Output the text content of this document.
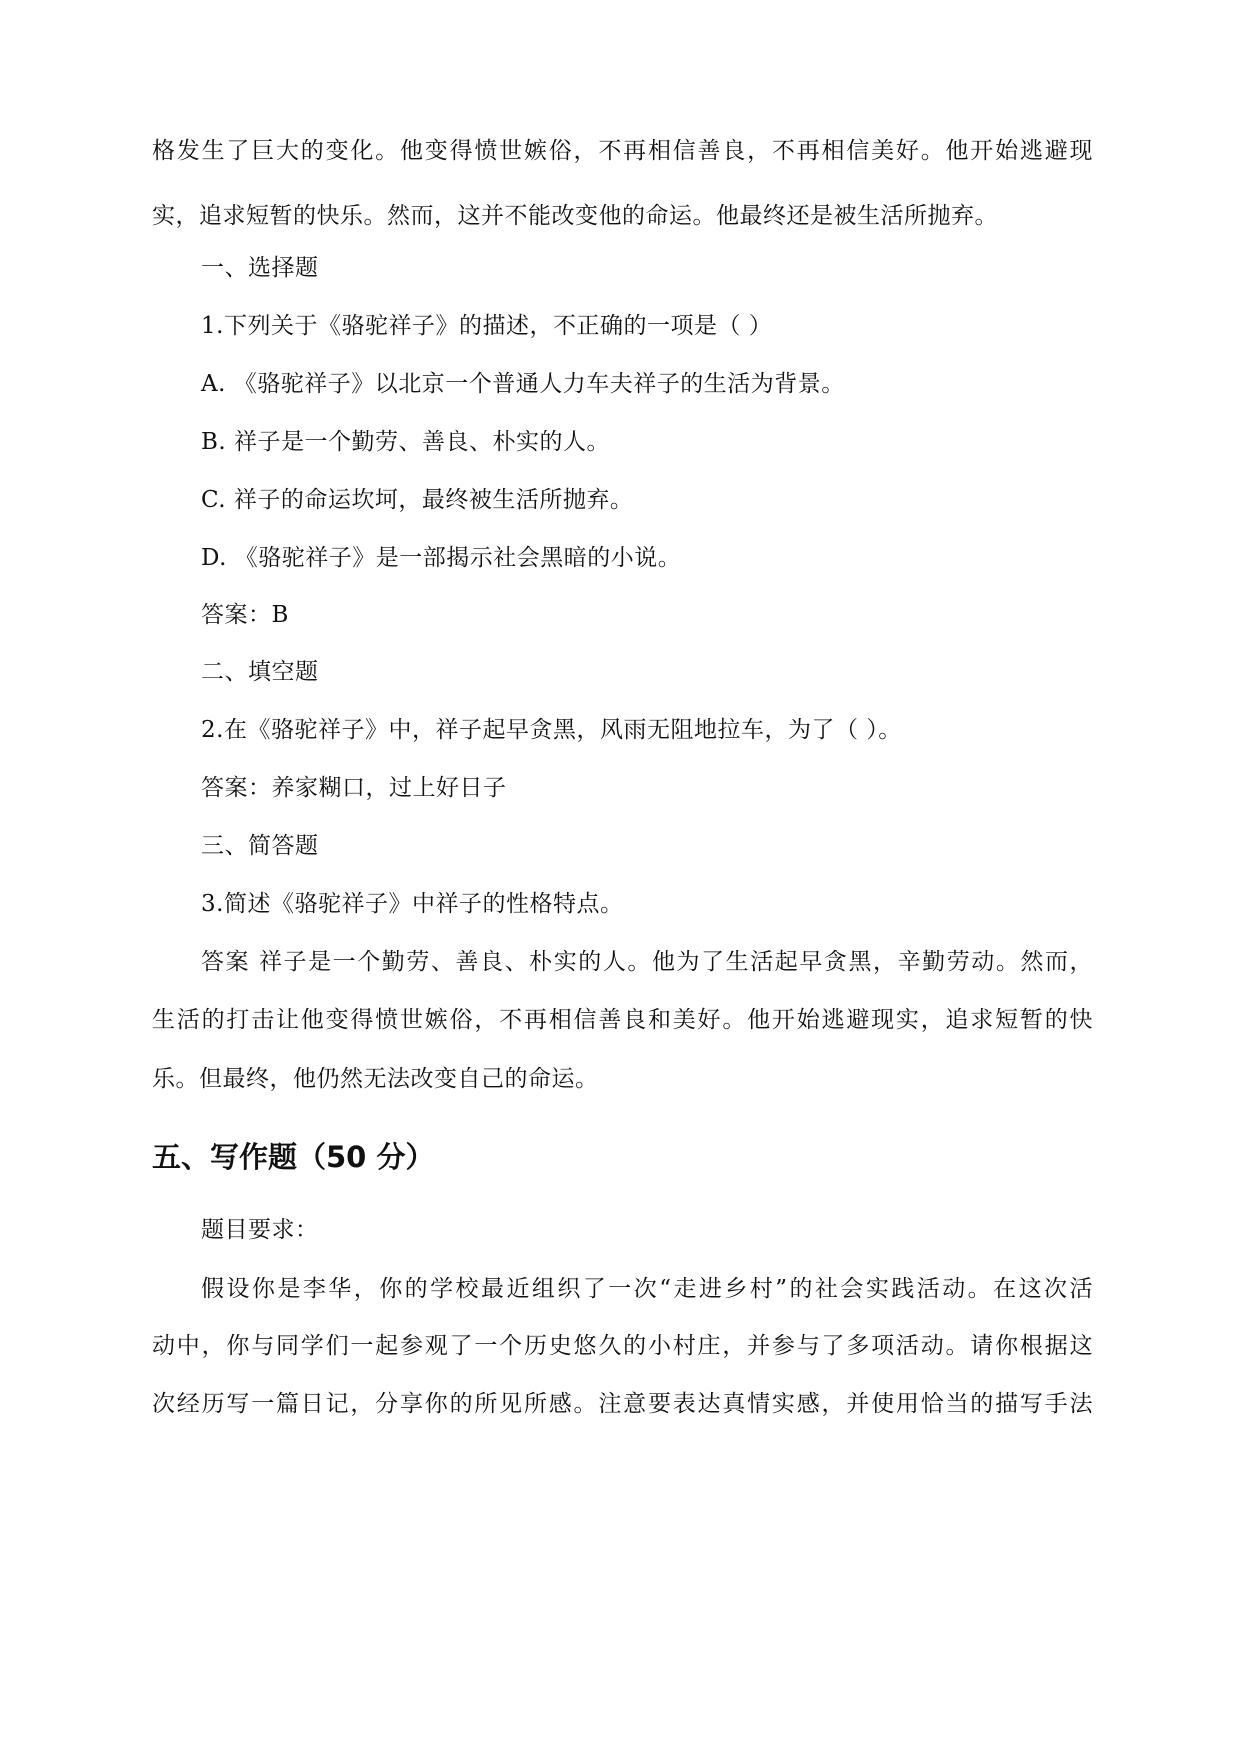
格发生了巨大的变化。他变得愤世嫉俗，不再相信善良，不再相信美好。他开始逃避现
实，追求短暂的快乐。然而，这并不能改变他的命运。他最终还是被生活所抛弃。
一、选择题
1.下列关于《骆驼祥子》的描述，不正确的一项是（ ）
A. 《骆驼祥子》以北京一个普通人力车夫祥子的生活为背景。
B. 祥子是一个勤劳、善良、朴实的人。
C. 祥子的命运坎坷，最终被生活所抛弃。
D. 《骆驼祥子》是一部揭示社会黑暗的小说。
答案：B
二、填空题
2.在《骆驼祥子》中，祥子起早贪黑，风雨无阻地拉车，为了（ ）。
答案：养家糊口，过上好日子
三、简答题
3.简述《骆驼祥子》中祥子的性格特点。
答案 祥子是一个勤劳、善良、朴实的人。他为了生活起早贪黑，辛勤劳动。然而，
生活的打击让他变得愤世嫉俗，不再相信善良和美好。他开始逃避现实，追求短暂的快
乐。但最终，他仍然无法改变自己的命运。
五、写作题（50 分）
题目要求：
假设你是李华，你的学校最近组织了一次“走进乡村”的社会实践活动。在这次活
动中，你与同学们一起参观了一个历史悠久的小村庄，并参与了多项活动。请你根据这
次经历写一篇日记，分享你的所见所感。注意要表达真情实感，并使用恰当的描写手法
